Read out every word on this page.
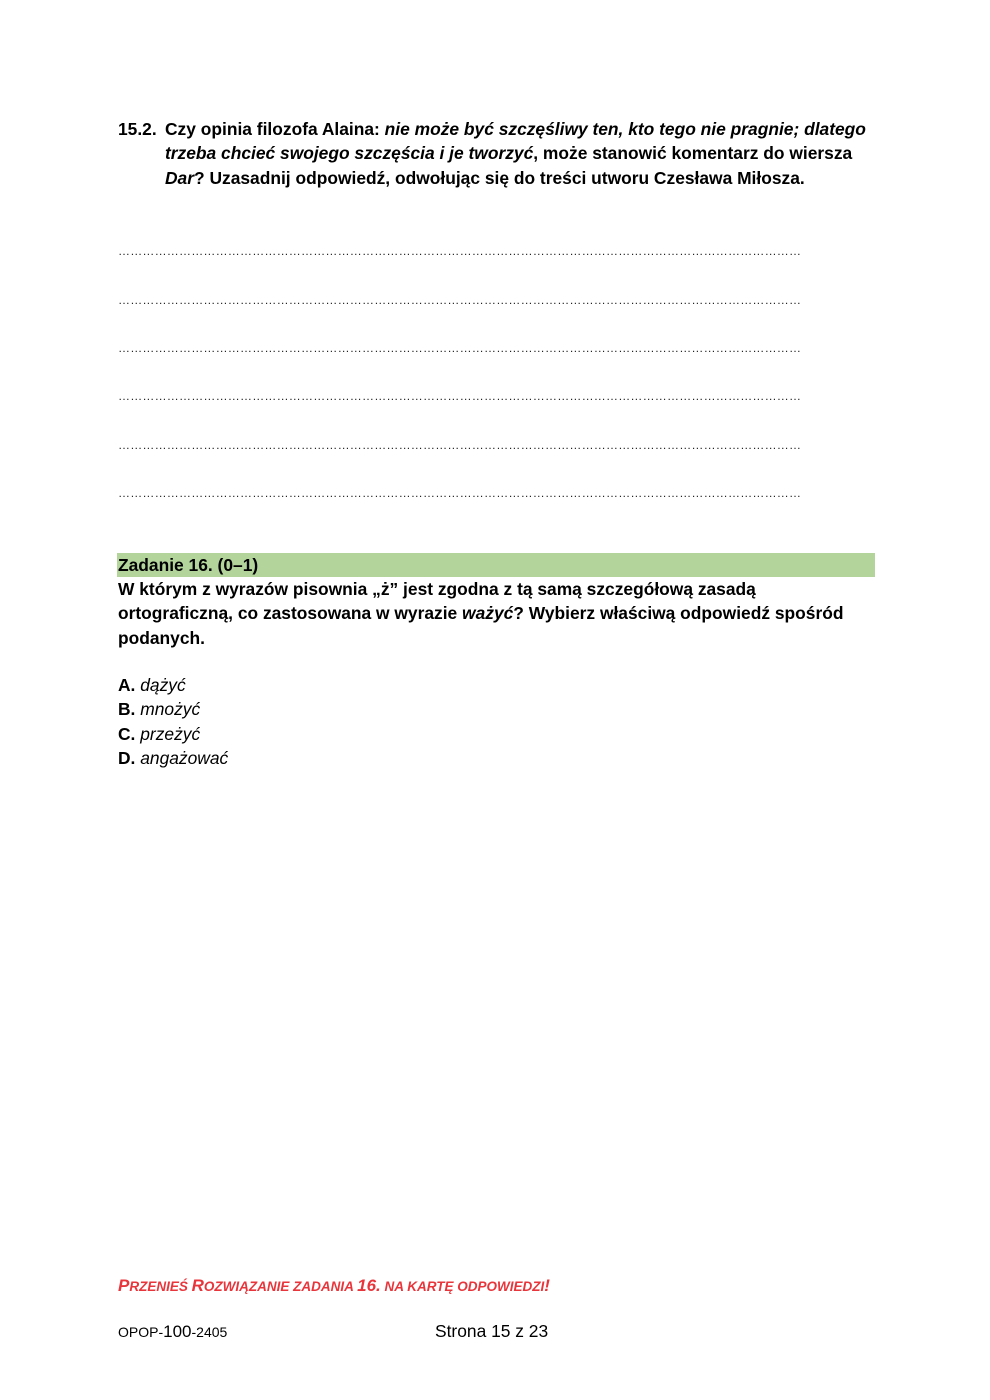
15.2. Czy opinia filozofa Alaina: nie może być szczęśliwy ten, kto tego nie pragnie; dlatego trzeba chcieć swojego szczęścia i je tworzyć, może stanowić komentarz do wiersza Dar? Uzasadnij odpowiedź, odwołując się do treści utworu Czesława Miłosza.
……………………………………………………………………………………………………………………………………………………
……………………………………………………………………………………………………………………………………………………
……………………………………………………………………………………………………………………………………………………
……………………………………………………………………………………………………………………………………………………
……………………………………………………………………………………………………………………………………………………
……………………………………………………………………………………………………………………………………………………
Zadanie 16. (0–1)
W którym z wyrazów pisownia „ż” jest zgodna z tą samą szczegółową zasadą ortograficzną, co zastosowana w wyrazie ważyć? Wybierz właściwą odpowiedź spośród podanych.
A. dążyć
B. mnożyć
C. przeżyć
D. angażować
PRZENIEŚ ROZWIĄZANIE ZADANIA 16. NA KARTĘ ODPOWIEDZI!
OPOP-100-2405	Strona 15 z 23
